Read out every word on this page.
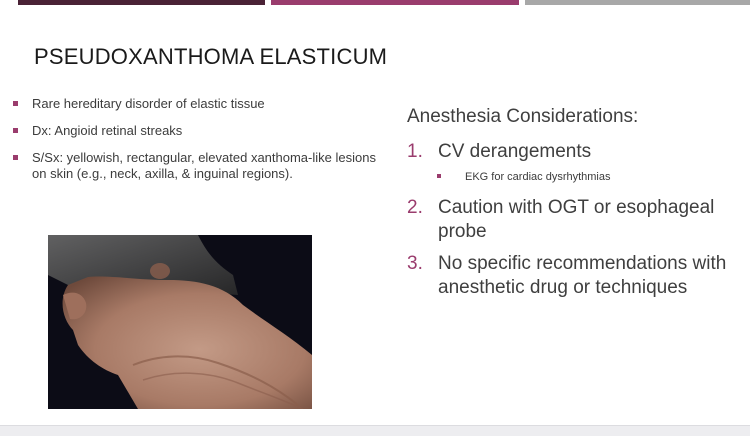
PSEUDOXANTHOMA ELASTICUM
Rare hereditary disorder of elastic tissue
Dx: Angioid retinal streaks
S/Sx: yellowish, rectangular, elevated xanthoma-like lesions on skin (e.g., neck, axilla, & inguinal regions).
Anesthesia Considerations:
1. CV derangements
EKG for cardiac dysrhythmias
2. Caution with OGT or esophageal probe
3. No specific recommendations with anesthetic drug or techniques
